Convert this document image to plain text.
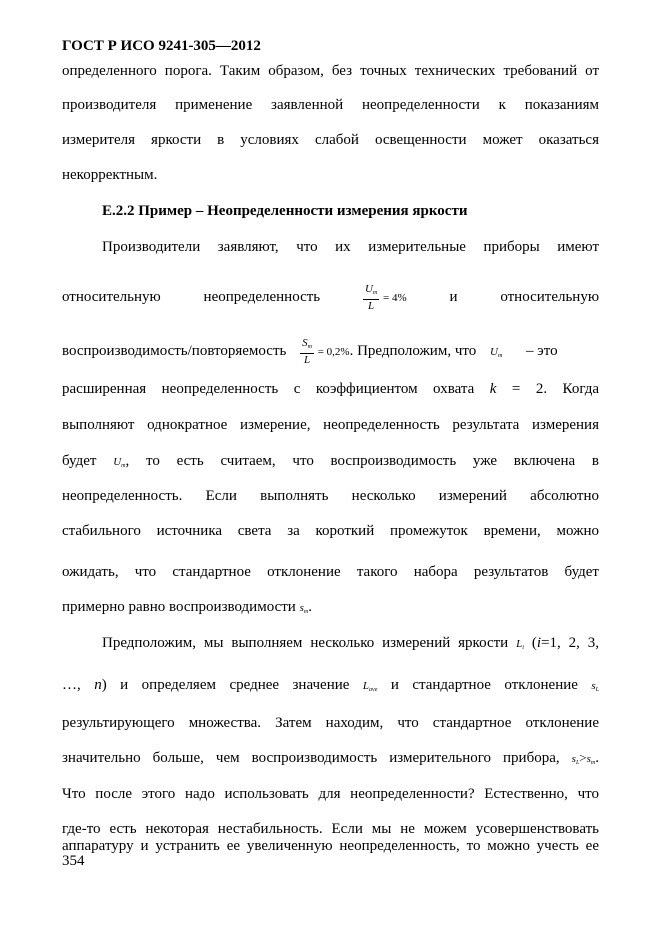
ГОСТ Р ИСО 9241-305—2012
определенного порога. Таким образом, без точных технических требований от
производителя применение заявленной неопределенности к показаниям
измерителя яркости в условиях слабой освещенности может оказаться
некорректным.
Е.2.2 Пример – Неопределенности измерения яркости
Производители заявляют, что их измерительные приборы имеют
относительную	неопределенность	$\frac{U_m}{L} = 4\%$	и	относительную
воспроизводимость/повторяемость $\frac{S_m}{L} = 0,2\%$. Предположим, что $U_m$ – это
расширенная неопределенность с коэффициентом охвата k = 2. Когда
выполняют однократное измерение, неопределенность результата измерения
будет $U_m$, то есть считаем, что воспроизводимость уже включена в
неопределенность. Если выполнять несколько измерений абсолютно
стабильного источника света за короткий промежуток времени, можно
ожидать, что стандартное отклонение такого набора результатов будет
примерно равно воспроизводимости $s_m$.
Предположим, мы выполняем несколько измерений яркости $L_i$ (i=1, 2, 3,
…, n) и определяем среднее значение $L_{ave}$ и стандартное отклонение $s_L$
результирующего множества. Затем находим, что стандартное отклонение
значительно больше, чем воспроизводимость измерительного прибора, $s_L>s_m$.
Что после этого надо использовать для неопределенности? Естественно, что
где-то есть некоторая нестабильность. Если мы не можем усовершенствовать
аппаратуру и устранить ее увеличенную неопределенность, то можно учесть ее
354
